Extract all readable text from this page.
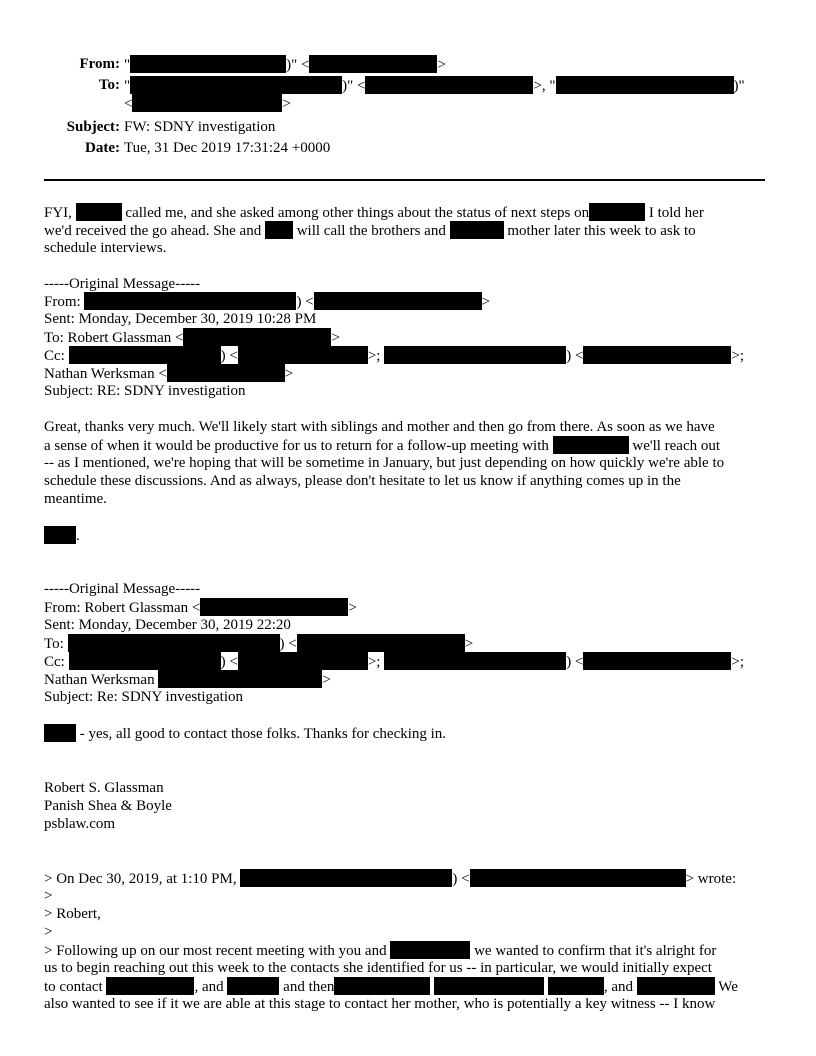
From: "	)" <	>
To: "	)" <	>, "	)"
<	>
Subject: FW: SDNY investigation
Date: Tue, 31 Dec 2019 17:31:24 +0000
FYI,	called me, and she asked among other things about the status of next steps on	I told her
we'd received the go ahead. She and will call the brothers and	mother later this week to ask to
schedule interviews.
-----Original Message-----
From:	) <	>
Sent: Monday, December 30, 2019 10:28 PM
To: Robert Glassman <	>
Cc:	) <	>;	) <	>;
Nathan Werksman <	>
Subject: RE: SDNY investigation
Great, thanks very much. We'll likely start with siblings and mother and then go from there. As soon as we have
a sense of when it would be productive for us to return for a follow-up meeting with	we'll reach out
-- as I mentioned, we're hoping that will be sometime in January, but just depending on how quickly we're able to
schedule these discussions. And as always, please don't hesitate to let us know if anything comes up in the
meantime.
.
-----Original Message-----
From: Robert Glassman <	>
Sent: Monday, December 30, 2019 22:20
To:	) <	>
Cc:	) <	>;	) <	>;
Nathan Werksman	>
Subject: Re: SDNY investigation
- yes, all good to contact those folks. Thanks for checking in.
Robert S. Glassman
Panish Shea & Boyle
psblaw.com
> On Dec 30, 2019, at 1:10 PM,	) <	> wrote:
>
> Robert,
>
> Following up on our most recent meeting with you and	we wanted to confirm that it's alright for
us to begin reaching out this week to the contacts she identified for us -- in particular, we would initially expect
to contact	, and	and then	, and	We
also wanted to see if it we are able at this stage to contact her mother, who is potentially a key witness -- I know
